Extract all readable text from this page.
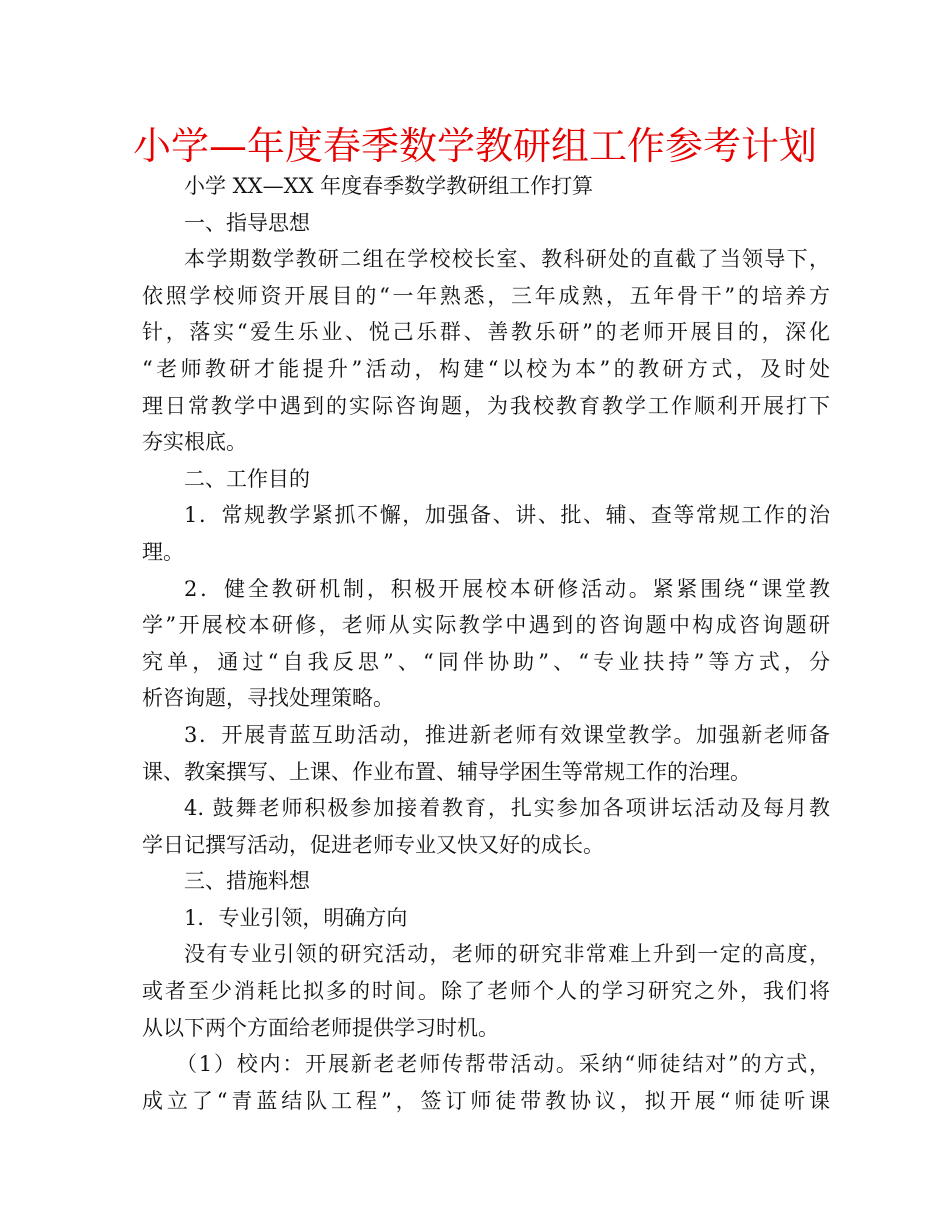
小学—年度春季数学教研组工作参考计划
小学 XX—XX 年度春季数学教研组工作打算
一、指导思想
本学期数学教研二组在学校校长室、教科研处的直截了当领导下，
依照学校师资开展目的“一年熟悉，三年成熟，五年骨干”的培养方
针，落实“爱生乐业、悦己乐群、善教乐研”的老师开展目的，深化
“老师教研才能提升”活动，构建“以校为本”的教研方式，及时处
理日常教学中遇到的实际咨询题，为我校教育教学工作顺利开展打下
夯实根底。
二、工作目的
1．常规教学紧抓不懈，加强备、讲、批、辅、查等常规工作的治
理。
2．健全教研机制，积极开展校本研修活动。紧紧围绕“课堂教
学”开展校本研修，老师从实际教学中遇到的咨询题中构成咨询题研
究单，通过“自我反思”、“同伴协助”、“专业扶持”等方式，分
析咨询题，寻找处理策略。
3．开展青蓝互助活动，推进新老师有效课堂教学。加强新老师备
课、教案撰写、上课、作业布置、辅导学困生等常规工作的治理。
4. 鼓舞老师积极参加接着教育，扎实参加各项讲坛活动及每月教
学日记撰写活动，促进老师专业又快又好的成长。
三、措施料想
1．专业引领，明确方向
没有专业引领的研究活动，老师的研究非常难上升到一定的高度，
或者至少消耗比拟多的时间。除了老师个人的学习研究之外，我们将
从以下两个方面给老师提供学习时机。
（1）校内：开展新老老师传帮带活动。采纳“师徒结对”的方式，
成立了“青蓝结队工程”，签订师徒带教协议，拟开展“师徒听课
